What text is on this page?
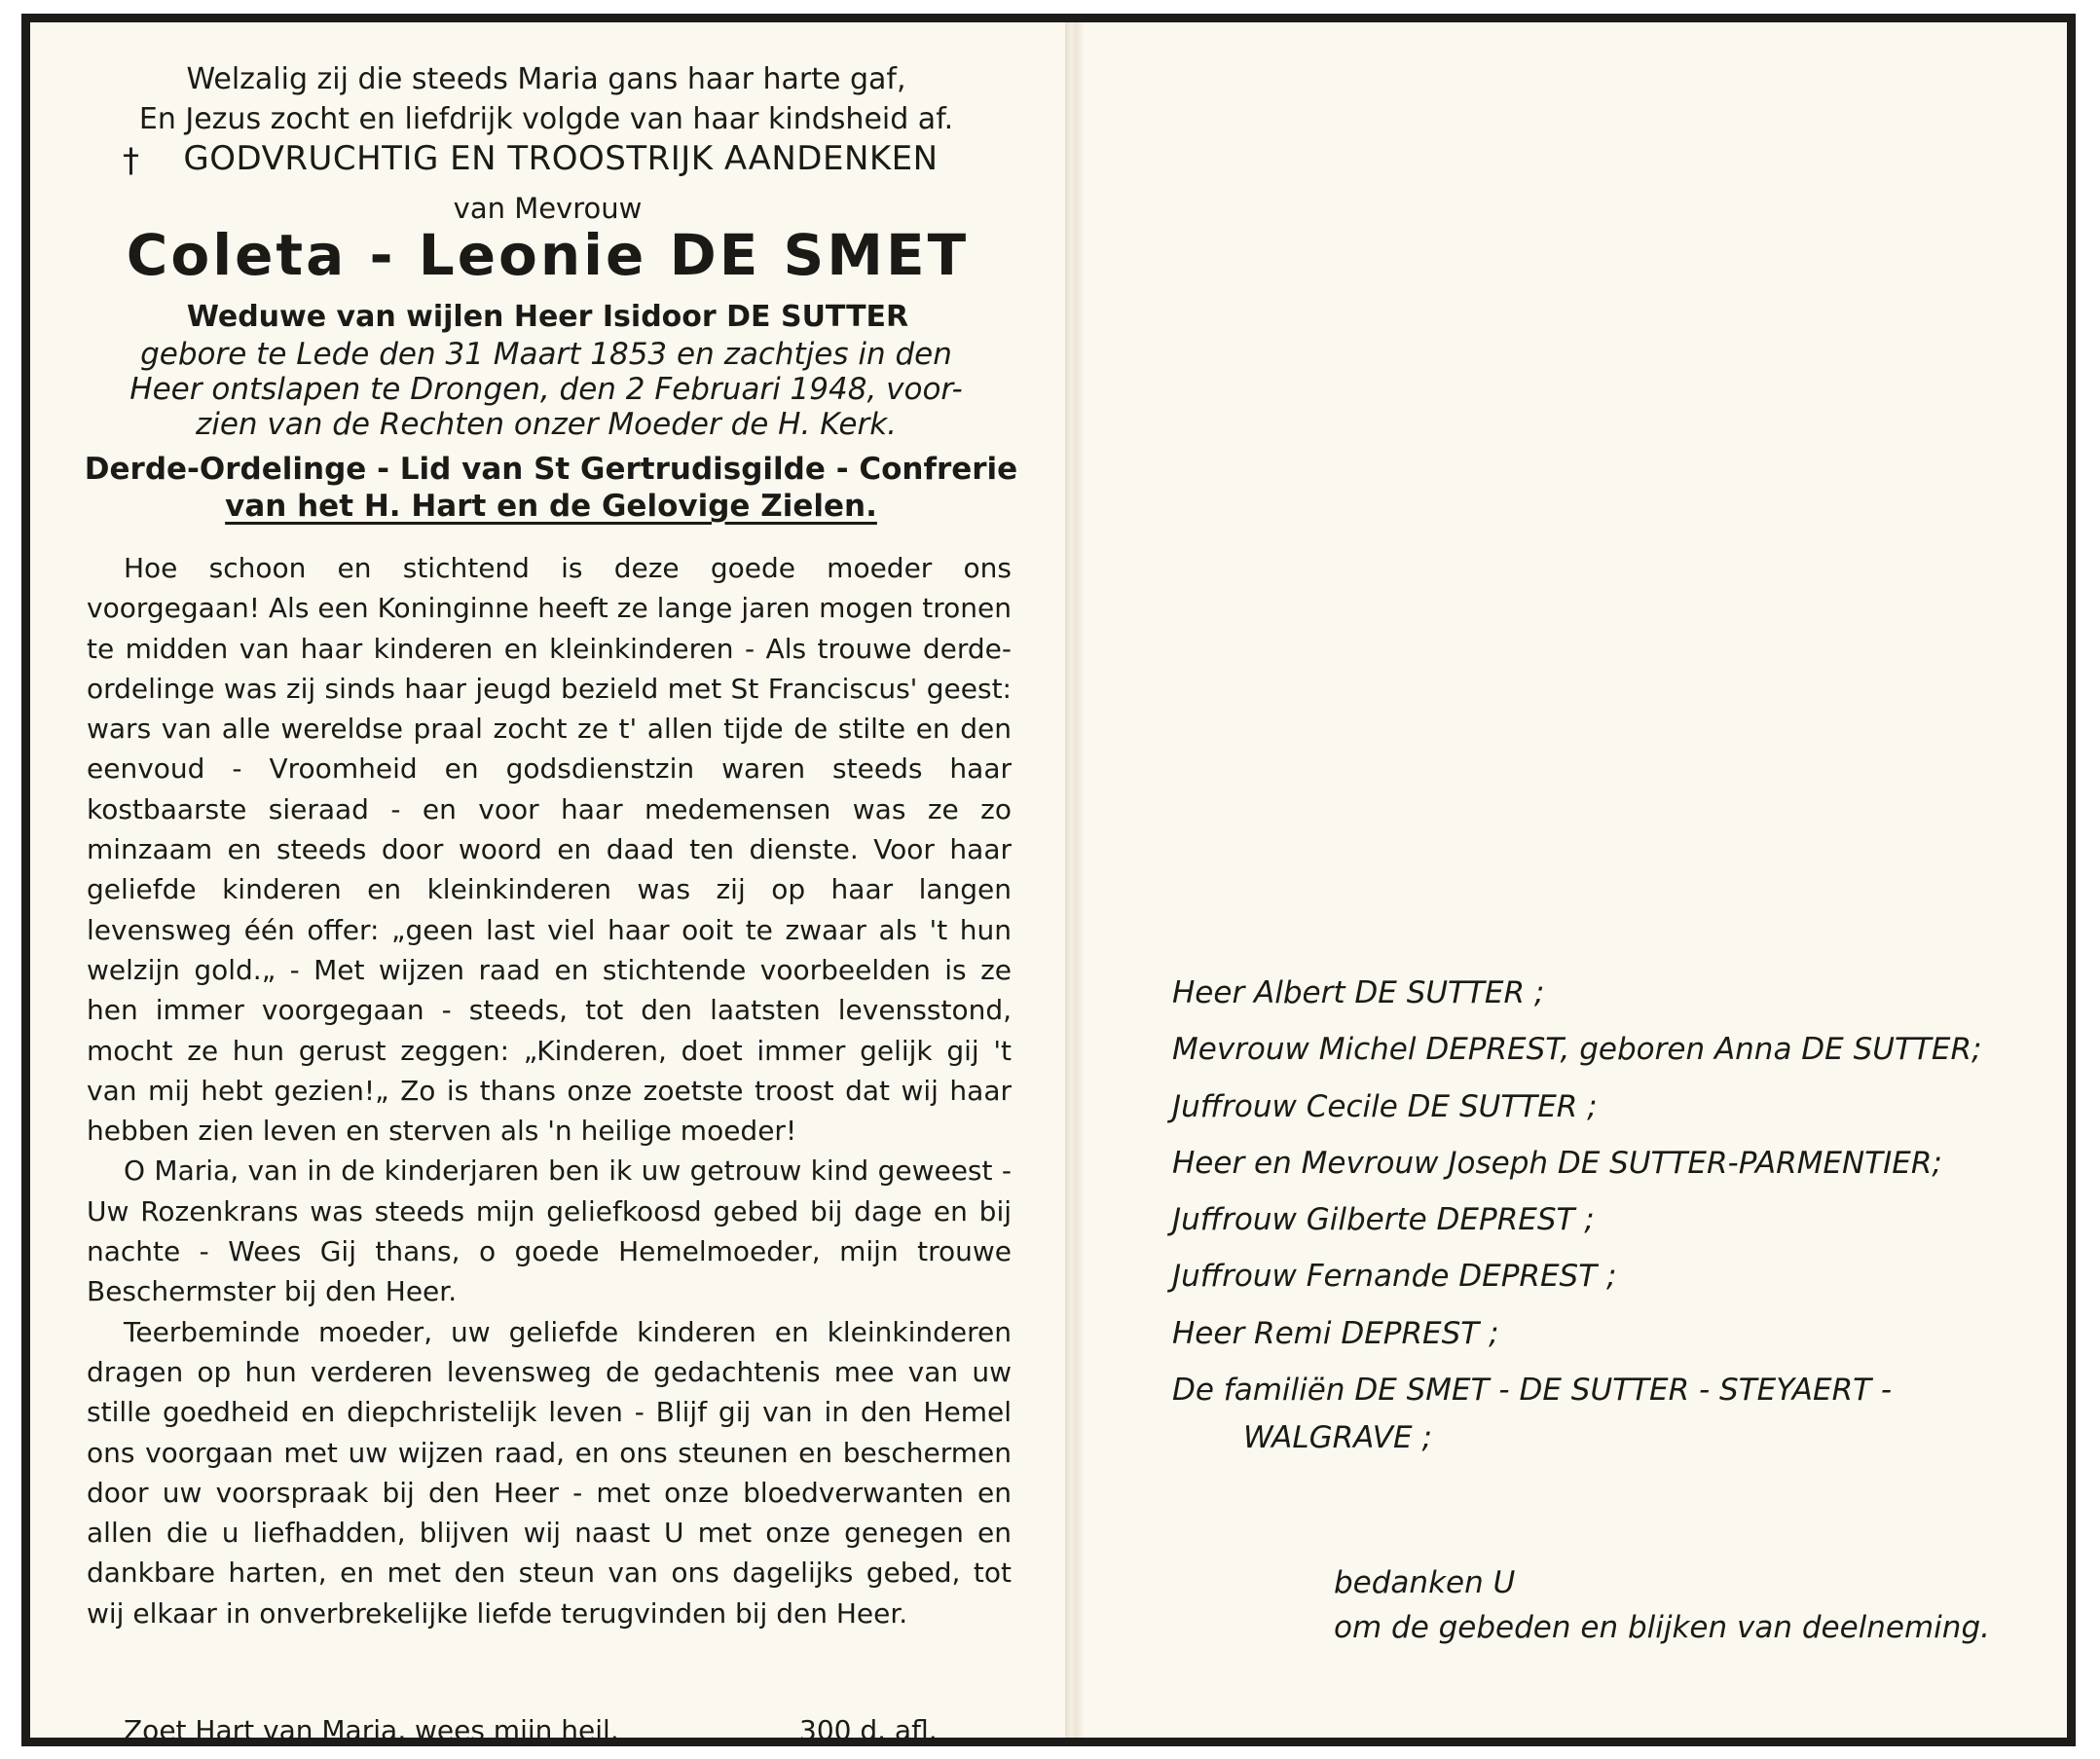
Welzalig zij die steeds Maria gans haar harte gaf,
En Jezus zocht en liefdrijk volgde van haar kindsheid af.
†	GODVRUCHTIG EN TROOSTRIJK AANDENKEN
van Mevrouw
Coleta - Leonie DE SMET
Weduwe van wijlen Heer Isidoor DE SUTTER
gebore te Lede den 31 Maart 1853 en zachtjes in den
Heer ontslapen te Drongen, den 2 Februari 1948, voor-
zien van de Rechten onzer Moeder de H. Kerk.
Derde-Ordelinge - Lid van St Gertrudisgilde - Confrerie
van het H. Hart en de Gelovige Zielen.

Hoe schoon en stichtend is deze goede moeder ons voorgegaan! Als een Koninginne heeft ze lange jaren mogen tronen te midden van haar kinderen en kleinkinderen - Als trouwe derde-ordelinge was zij sinds haar jeugd bezield met St Franciscus' geest: wars van alle wereldse praal zocht ze t' allen tijde de stilte en den eenvoud - Vroomheid en godsdienstzin waren steeds haar kostbaarste sieraad - en voor haar medemensen was ze zo minzaam en steeds door woord en daad ten dienste. Voor haar geliefde kinderen en kleinkinderen was zij op haar langen levensweg één offer: „geen last viel haar ooit te zwaar als 't hun welzijn gold.„ - Met wijzen raad en stichtende voorbeelden is ze hen immer voorgegaan - steeds, tot den laatsten levensstond, mocht ze hun gerust zeggen: „Kinderen, doet immer gelijk gij 't van mij hebt gezien!„ Zo is thans onze zoetste troost dat wij haar hebben zien leven en sterven als 'n heilige moeder!

O Maria, van in de kinderjaren ben ik uw getrouw kind geweest - Uw Rozenkrans was steeds mijn geliefkoosd gebed bij dage en bij nachte - Wees Gij thans, o goede Hemelmoeder, mijn trouwe Beschermster bij den Heer.

Teerbeminde moeder, uw geliefde kinderen en kleinkinderen dragen op hun verderen levensweg de gedachtenis mee van uw stille goedheid en diepchristelijk leven - Blijf gij van in den Hemel ons voorgaan met uw wijzen raad, en ons steunen en beschermen door uw voorspraak bij den Heer - met onze bloedverwanten en allen die u liefhadden, blijven wij naast U met onze genegen en dankbare harten, en met den steun van ons dagelijks gebed, tot wij elkaar in onverbrekelijke liefde terugvinden bij den Heer.

Zoet Hart van Maria, wees mijn heil.	300 d. afl.
Heer Albert DE SUTTER ;
Mevrouw Michel DEPREST, geboren Anna DE SUTTER;
Juffrouw Cecile DE SUTTER ;
Heer en Mevrouw Joseph DE SUTTER-PARMENTIER;
Juffrouw Gilberte DEPREST ;
Juffrouw Fernande DEPREST ;
Heer Remi DEPREST ;
De familiën DE SMET - DE SUTTER - STEYAERT -
WALGRAVE ;
bedanken U
om de gebeden en blijken van deelneming.
